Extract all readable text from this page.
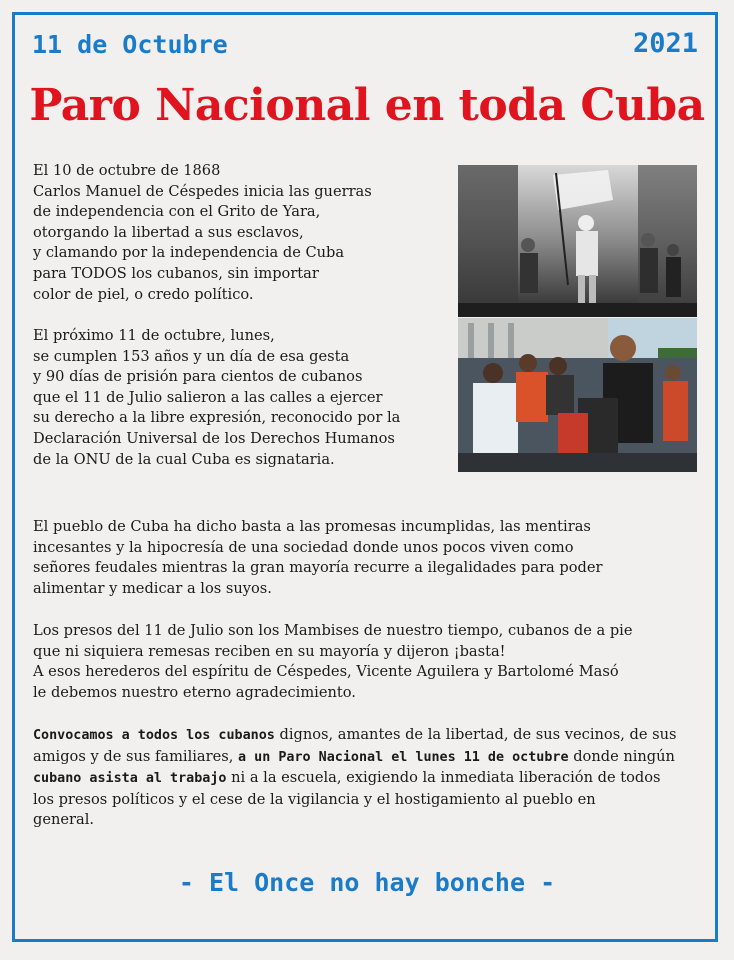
11 de Octubre	2021
Paro Nacional en toda Cuba

El 10 de octubre de 1868
Carlos Manuel de Céspedes inicia las guerras
de independencia con el Grito de Yara,
otorgando la libertad a sus esclavos,
y clamando por la independencia de Cuba
para TODOS los cubanos, sin importar
color de piel, o credo político.

El próximo 11 de octubre, lunes,
se cumplen 153 años y un día de esa gesta
y 90 días de prisión para cientos de cubanos
que el 11 de Julio salieron a las calles a ejercer
su derecho a la libre expresión, reconocido por la
Declaración Universal de los Derechos Humanos
de la ONU de la cual Cuba es signataria.

El pueblo de Cuba ha dicho basta a las promesas incumplidas, las mentiras
incesantes y la hipocresía de una sociedad donde unos pocos viven como
señores feudales mientras la gran mayoría recurre a ilegalidades para poder
alimentar y medicar a los suyos.

Los presos del 11 de Julio son los Mambises de nuestro tiempo, cubanos de a pie
que ni siquiera remesas reciben en su mayoría y dijeron ¡basta!
A esos herederos del espíritu de Céspedes, Vicente Aguilera y Bartolomé Masó
le debemos nuestro eterno agradecimiento.

Convocamos a todos los cubanos dignos, amantes de la libertad, de sus vecinos, de sus
amigos y de sus familiares, a un Paro Nacional el lunes 11 de octubre donde ningún
cubano asista al trabajo ni a la escuela, exigiendo la inmediata liberación de todos
los presos políticos y el cese de la vigilancia y el hostigamiento al pueblo en
general.

- El Once no hay bonche -
